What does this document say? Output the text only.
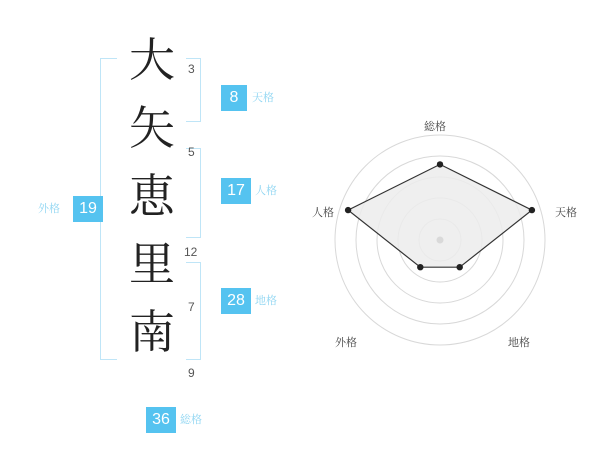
大
矢
恵
里
南
3
5
12
7
9
8	天格
17 人格
28 地格
外格	19
36 総格
総格
天格
地格
外格
人格
